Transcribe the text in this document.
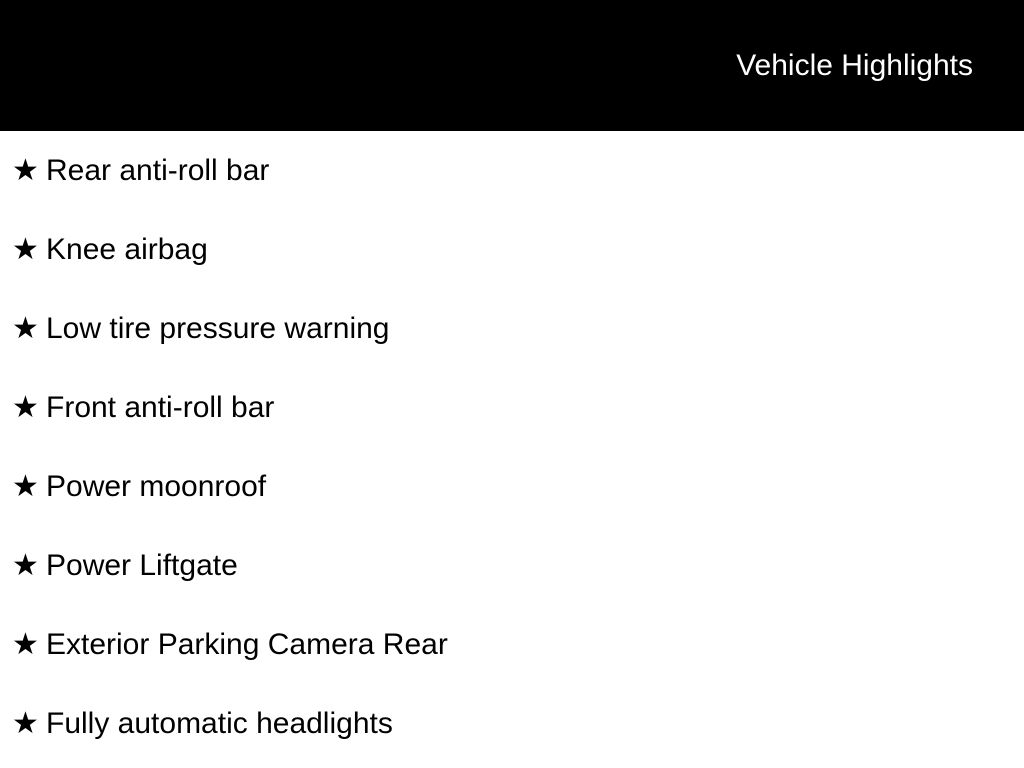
Vehicle Highlights
★ Rear anti-roll bar
★ Knee airbag
★ Low tire pressure warning
★ Front anti-roll bar
★ Power moonroof
★ Power Liftgate
★ Exterior Parking Camera Rear
★ Fully automatic headlights
